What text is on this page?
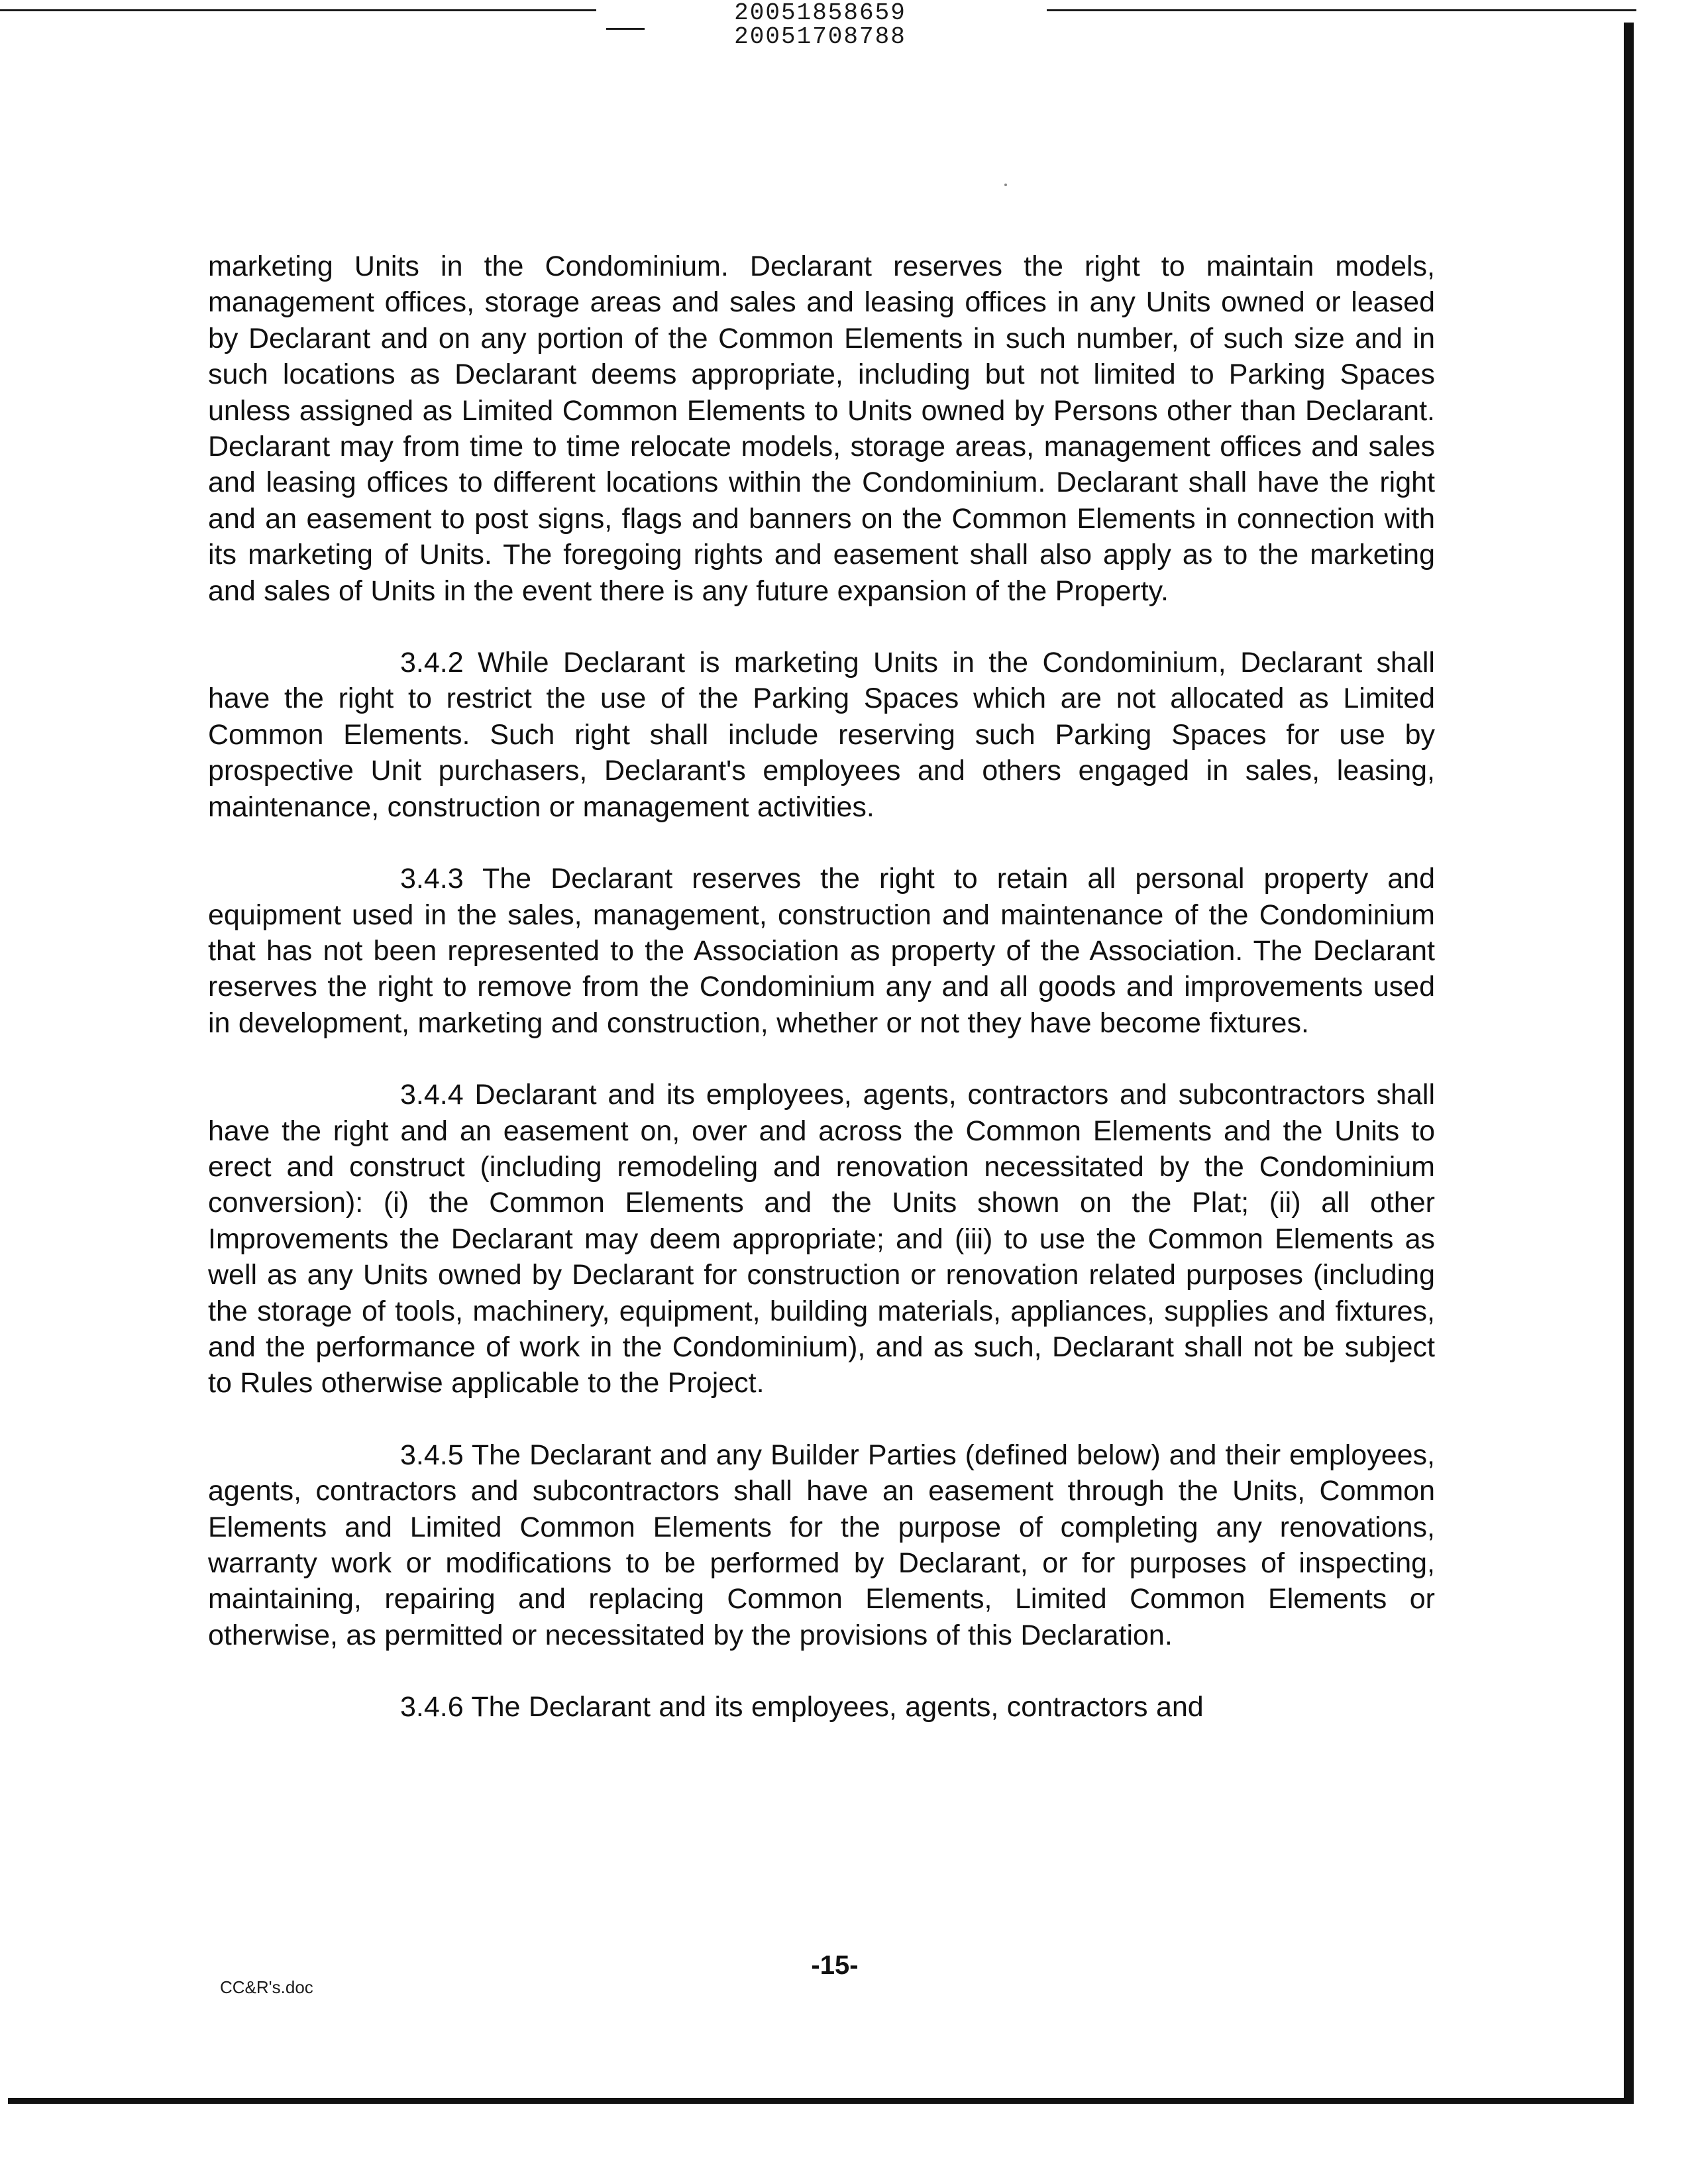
20051858659
20051708788

marketing Units in the Condominium. Declarant reserves the right to maintain models, management offices, storage areas and sales and leasing offices in any Units owned or leased by Declarant and on any portion of the Common Elements in such number, of such size and in such locations as Declarant deems appropriate, including but not limited to Parking Spaces unless assigned as Limited Common Elements to Units owned by Persons other than Declarant. Declarant may from time to time relocate models, storage areas, management offices and sales and leasing offices to different locations within the Condominium. Declarant shall have the right and an easement to post signs, flags and banners on the Common Elements in connection with its marketing of Units. The foregoing rights and easement shall also apply as to the marketing and sales of Units in the event there is any future expansion of the Property.

3.4.2 While Declarant is marketing Units in the Condominium, Declarant shall have the right to restrict the use of the Parking Spaces which are not allocated as Limited Common Elements. Such right shall include reserving such Parking Spaces for use by prospective Unit purchasers, Declarant's employees and others engaged in sales, leasing, maintenance, construction or management activities.

3.4.3 The Declarant reserves the right to retain all personal property and equipment used in the sales, management, construction and maintenance of the Condominium that has not been represented to the Association as property of the Association. The Declarant reserves the right to remove from the Condominium any and all goods and improvements used in development, marketing and construction, whether or not they have become fixtures.

3.4.4 Declarant and its employees, agents, contractors and subcontractors shall have the right and an easement on, over and across the Common Elements and the Units to erect and construct (including remodeling and renovation necessitated by the Condominium conversion): (i) the Common Elements and the Units shown on the Plat; (ii) all other Improvements the Declarant may deem appropriate; and (iii) to use the Common Elements as well as any Units owned by Declarant for construction or renovation related purposes (including the storage of tools, machinery, equipment, building materials, appliances, supplies and fixtures, and the performance of work in the Condominium), and as such, Declarant shall not be subject to Rules otherwise applicable to the Project.

3.4.5 The Declarant and any Builder Parties (defined below) and their employees, agents, contractors and subcontractors shall have an easement through the Units, Common Elements and Limited Common Elements for the purpose of completing any renovations, warranty work or modifications to be performed by Declarant, or for purposes of inspecting, maintaining, repairing and replacing Common Elements, Limited Common Elements or otherwise, as permitted or necessitated by the provisions of this Declaration.

3.4.6 The Declarant and its employees, agents, contractors and

-15-
CC&R's.doc
